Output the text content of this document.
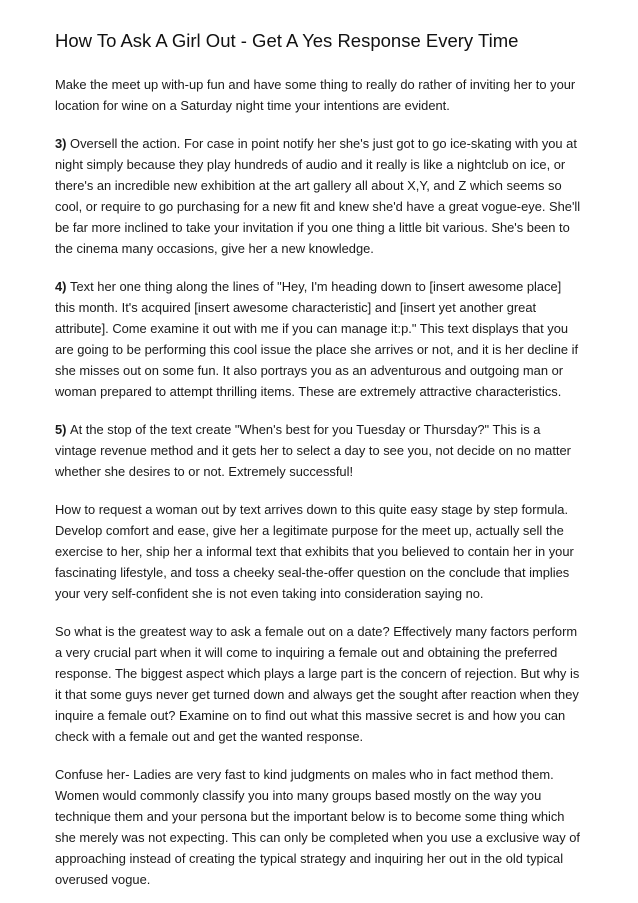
How To Ask A Girl Out - Get A Yes Response Every Time

Make the meet up with-up fun and have some thing to really do rather of inviting her to your location for wine on a Saturday night time your intentions are evident.

3) Oversell the action. For case in point notify her she's just got to go ice-skating with you at night simply because they play hundreds of audio and it really is like a nightclub on ice, or there's an incredible new exhibition at the art gallery all about X,Y, and Z which seems so cool, or require to go purchasing for a new fit and knew she'd have a great vogue-eye. She'll be far more inclined to take your invitation if you one thing a little bit various. She's been to the cinema many occasions, give her a new knowledge.

4) Text her one thing along the lines of "Hey, I'm heading down to [insert awesome place] this month. It's acquired [insert awesome characteristic] and [insert yet another great attribute]. Come examine it out with me if you can manage it:p." This text displays that you are going to be performing this cool issue the place she arrives or not, and it is her decline if she misses out on some fun. It also portrays you as an adventurous and outgoing man or woman prepared to attempt thrilling items. These are extremely attractive characteristics.

5) At the stop of the text create "When's best for you Tuesday or Thursday?" This is a vintage revenue method and it gets her to select a day to see you, not decide on no matter whether she desires to or not. Extremely successful!

How to request a woman out by text arrives down to this quite easy stage by step formula. Develop comfort and ease, give her a legitimate purpose for the meet up, actually sell the exercise to her, ship her a informal text that exhibits that you believed to contain her in your fascinating lifestyle, and toss a cheeky seal-the-offer question on the conclude that implies your very self-confident she is not even taking into consideration saying no.

So what is the greatest way to ask a female out on a date? Effectively many factors perform a very crucial part when it will come to inquiring a female out and obtaining the preferred response. The biggest aspect which plays a large part is the concern of rejection. But why is it that some guys never get turned down and always get the sought after reaction when they inquire a female out? Examine on to find out what this massive secret is and how you can check with a female out and get the wanted response.

Confuse her- Ladies are very fast to kind judgments on males who in fact method them. Women would commonly classify you into many groups based mostly on the way you technique them and your persona but the important below is to become some thing which she merely was not expecting. This can only be completed when you use a exclusive way of approaching instead of creating the typical strategy and inquiring her out in the old typical overused vogue.
